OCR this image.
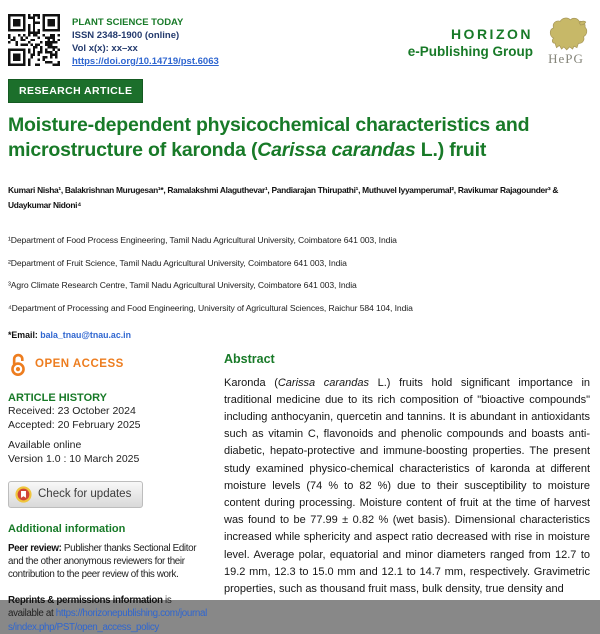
PLANT SCIENCE TODAY
ISSN 2348-1900 (online)
Vol x(x): xx–xx
https://doi.org/10.14719/pst.6063
HORIZON
e-Publishing Group	HePG
RESEARCH ARTICLE
Moisture-dependent physicochemical characteristics and microstructure of karonda (Carissa carandas L.) fruit
Kumari Nisha¹, Balakrishnan Murugesan¹*, Ramalakshmi Alaguthevar¹, Pandiarajan Thirupathi¹, Muthuvel Iyyamperumal², Ravikumar Rajagounder³ & Udaykumar Nidoni⁴
¹Department of Food Process Engineering, Tamil Nadu Agricultural University, Coimbatore 641 003, India
²Department of Fruit Science, Tamil Nadu Agricultural University, Coimbatore 641 003, India
³Agro Climate Research Centre, Tamil Nadu Agricultural University, Coimbatore 641 003, India
⁴Department of Processing and Food Engineering, University of Agricultural Sciences, Raichur 584 104, India
*Email: bala_tnau@tnau.ac.in
OPEN ACCESS
ARTICLE HISTORY
Received: 23 October 2024
Accepted: 20 February 2025
Available online
Version 1.0 : 10 March 2025
Check for updates
Additional information

Peer review: Publisher thanks Sectional Editor and the other anonymous reviewers for their contribution to the peer review of this work.

Reprints & permissions information is available at https://horizonepublishing.com/journals/index.php/PST/open_access_policy

Abstract

Karonda (Carissa carandas L.) fruits hold significant importance in traditional medicine due to its rich composition of "bioactive compounds" including anthocyanin, quercetin and tannins. It is abundant in antioxidants such as vitamin C, flavonoids and phenolic compounds and boasts anti-diabetic, hepato-protective and immune-boosting properties. The present study examined physico-chemical characteristics of karonda at different moisture levels (74 % to 82 %) due to their susceptibility to moisture content during processing. Moisture content of fruit at the time of harvest was found to be 77.99 ± 0.82 % (wet basis). Dimensional characteristics increased while sphericity and aspect ratio decreased with rise in moisture level. Average polar, equatorial and minor diameters ranged from 12.7 to 19.2 mm, 12.3 to 15.0 mm and 12.1 to 14.7 mm, respectively. Gravimetric properties, such as thousand fruit mass, bulk density, true density and
